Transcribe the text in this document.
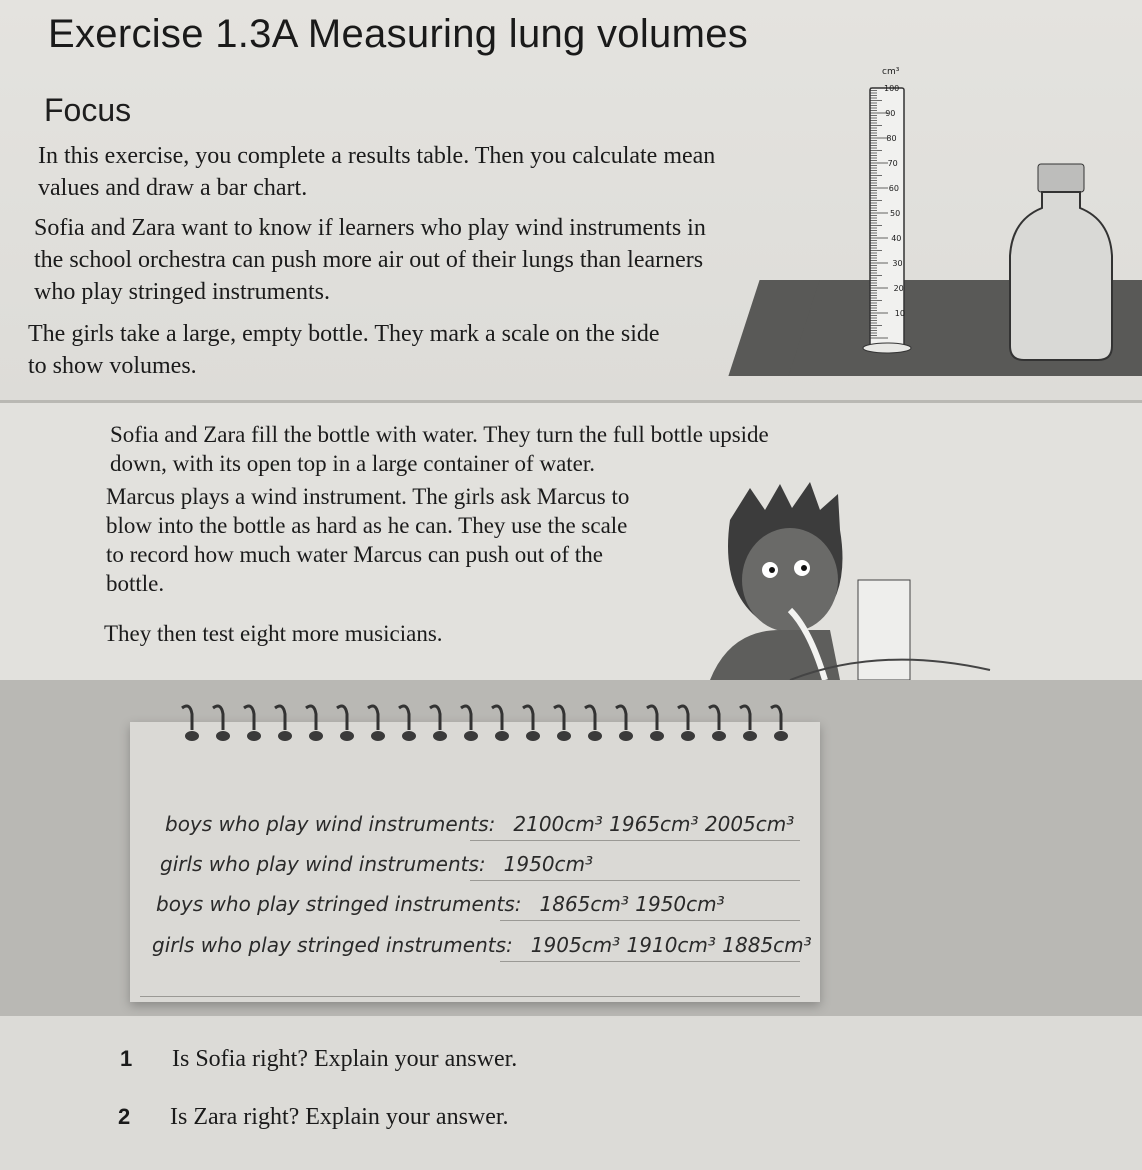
Exercise 1.3A Measuring lung volumes
Focus

In this exercise, you complete a results table. Then you calculate mean values and draw a bar chart.

Sofia and Zara want to know if learners who play wind instruments in the school orchestra can push more air out of their lungs than learners who play stringed instruments.

The girls take a large, empty bottle. They mark a scale on the side to show volumes.

cm³
100
90
80
70
60
50
40
30
20
10

Sofia and Zara fill the bottle with water. They turn the full bottle upside down, with its open top in a large container of water.

Marcus plays a wind instrument. The girls ask Marcus to blow into the bottle as hard as he can. They use the scale to record how much water Marcus can push out of the bottle.

They then test eight more musicians.

boys who play wind instruments: 2100cm³ 1965cm³ 2005cm³
girls who play wind instruments: 1950cm³
boys who play stringed instruments: 1865cm³ 1950cm³
girls who play stringed instruments: 1905cm³ 1910cm³ 1885cm³
1 Is Sofia right? Explain your answer.
2 Is Zara right? Explain your answer.
